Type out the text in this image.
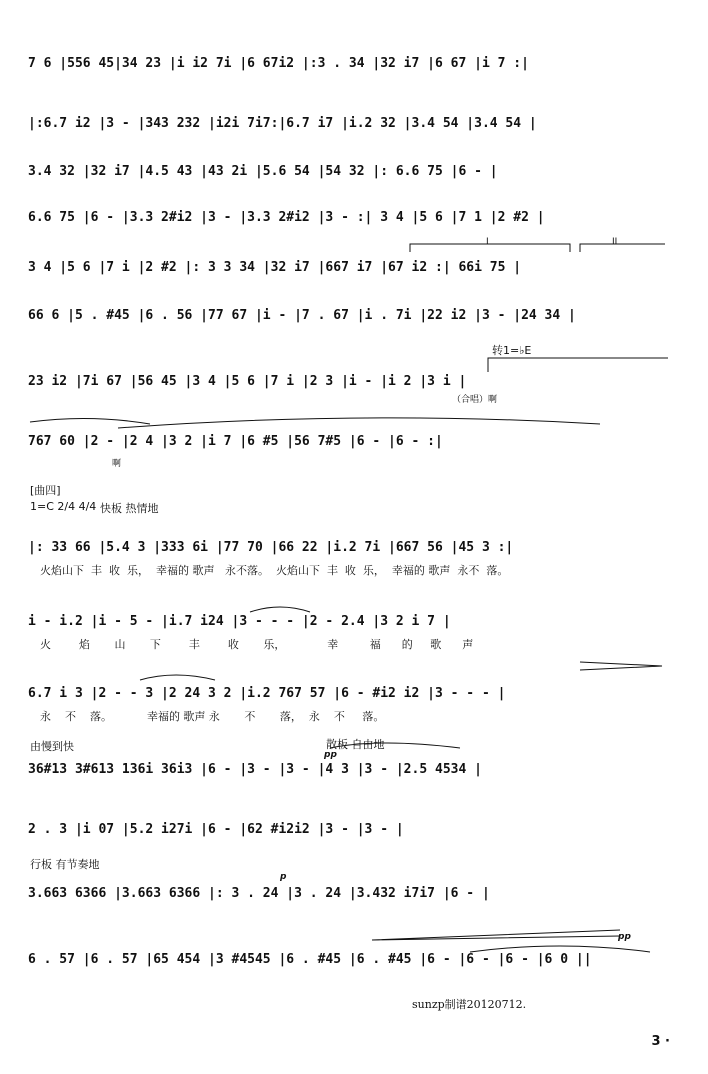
7 6 |556 45|34 23 |i i2 7i |6 67i2 |:3 . 34 |32 i7 |6 67 |i 7 :|
|:6.7 i2 |3 - |343 232 |i2i 7i7:|6.7 i7 |i.2 32 |3.4 54 |3.4 54 |
3.4 32 |32 i7 |4.5 43 |43 2i |5.6 54 |54 32 |: 6.6 75 |6 - |
6.6 75 |6 - |3.3 2#i2 |3 - |3.3 2#i2 |3 - :| 3 4 |5 6 |7 1 |2 #2 |
I	II
3 4 |5 6 |7 i |2 #2 |: 3 3 34 |32 i7 |667 i7 |67 i2 :| 66i 75 |
66 6 |5 . #45 |6 . 56 |77 67 |i - |7 . 67 |i . 7i |22 i2 |3 - |24 34 |
转1=♭E
23 i2 |7i 67 |56 45 |3 4 |5 6 |7 i |2 3 |i - |i 2 |3 i |
（合唱）啊
767 60 |2 - |2 4 |3 2 |i 7 |6 #5 |56 7#5 |6 - |6 - :|
啊
[曲四]
1=C 2/4 4/4 快板 热情地
|: 33 66 |5.4 3 |333 6i |77 70 |66 22 |i.2 7i |667 56 |45 3 :|
火焰山下  丰  收  乐，  幸福的 歌声   永不落。  火焰山下  丰  收  乐，  幸福的 歌声  永不  落。
i - i.2 |i - 5 - |i.7 i24 |3 - - - |2 - 2.4 |3 2 i 7 |
火        焰       山       下        丰        收       乐，            幸         福      的     歌      声
6.7 i 3 |2 - - 3 |2 24 3 2 |i.2 767 57 |6 - #i2 i2 |3 - - - |
永    不    落。          幸福的 歌声 永       不       落，  永    不     落。
由慢到快	散板 自由地
pp
36#13 3#613 136i 36i3 |6 - |3 - |3 - |4 3 |3 - |2.5 4534 |
2 . 3 |i 07 |5.2 i27i |6 - |62 #i2i2 |3 - |3 - |
行板 有节奏地
p
3.663 6366 |3.663 6366 |: 3 . 24 |3 . 24 |3.432 i7i7 |6 - |
pp
6 . 57 |6 . 57 |65 454 |3 #4545 |6 . #45 |6 . #45 |6 - |6 - |6 - |6 0 ||
sunzp制谱20120712.
3 ·
